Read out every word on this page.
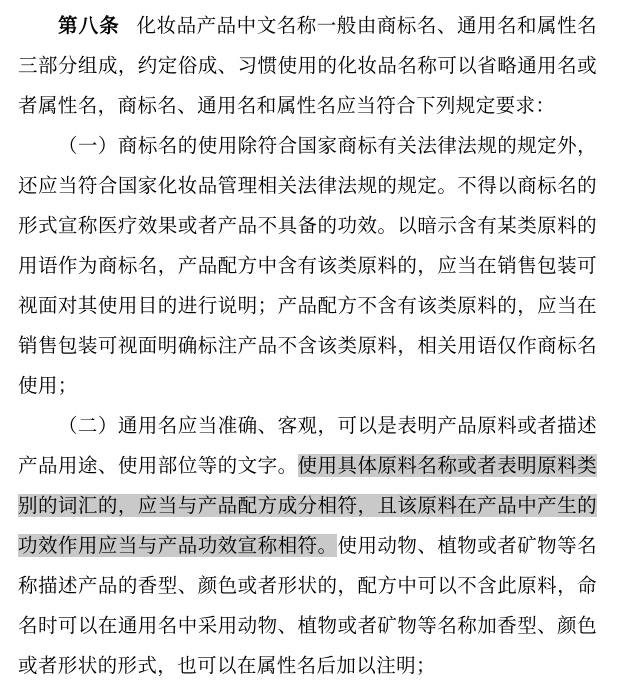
第八条 化妆品产品中文名称一般由商标名、通用名和属性名三部分组成，约定俗成、习惯使用的化妆品名称可以省略通用名或者属性名，商标名、通用名和属性名应当符合下列规定要求：

（一）商标名的使用除符合国家商标有关法律法规的规定外，还应当符合国家化妆品管理相关法律法规的规定。不得以商标名的形式宣称医疗效果或者产品不具备的功效。以暗示含有某类原料的用语作为商标名，产品配方中含有该类原料的，应当在销售包装可视面对其使用目的进行说明；产品配方不含有该类原料的，应当在销售包装可视面明确标注产品不含该类原料，相关用语仅作商标名使用；

（二）通用名应当准确、客观，可以是表明产品原料或者描述产品用途、使用部位等的文字。使用具体原料名称或者表明原料类别的词汇的，应当与产品配方成分相符，且该原料在产品中产生的功效作用应当与产品功效宣称相符。使用动物、植物或者矿物等名称描述产品的香型、颜色或者形状的，配方中可以不含此原料，命名时可以在通用名中采用动物、植物或者矿物等名称加香型、颜色或者形状的形式，也可以在属性名后加以注明；
